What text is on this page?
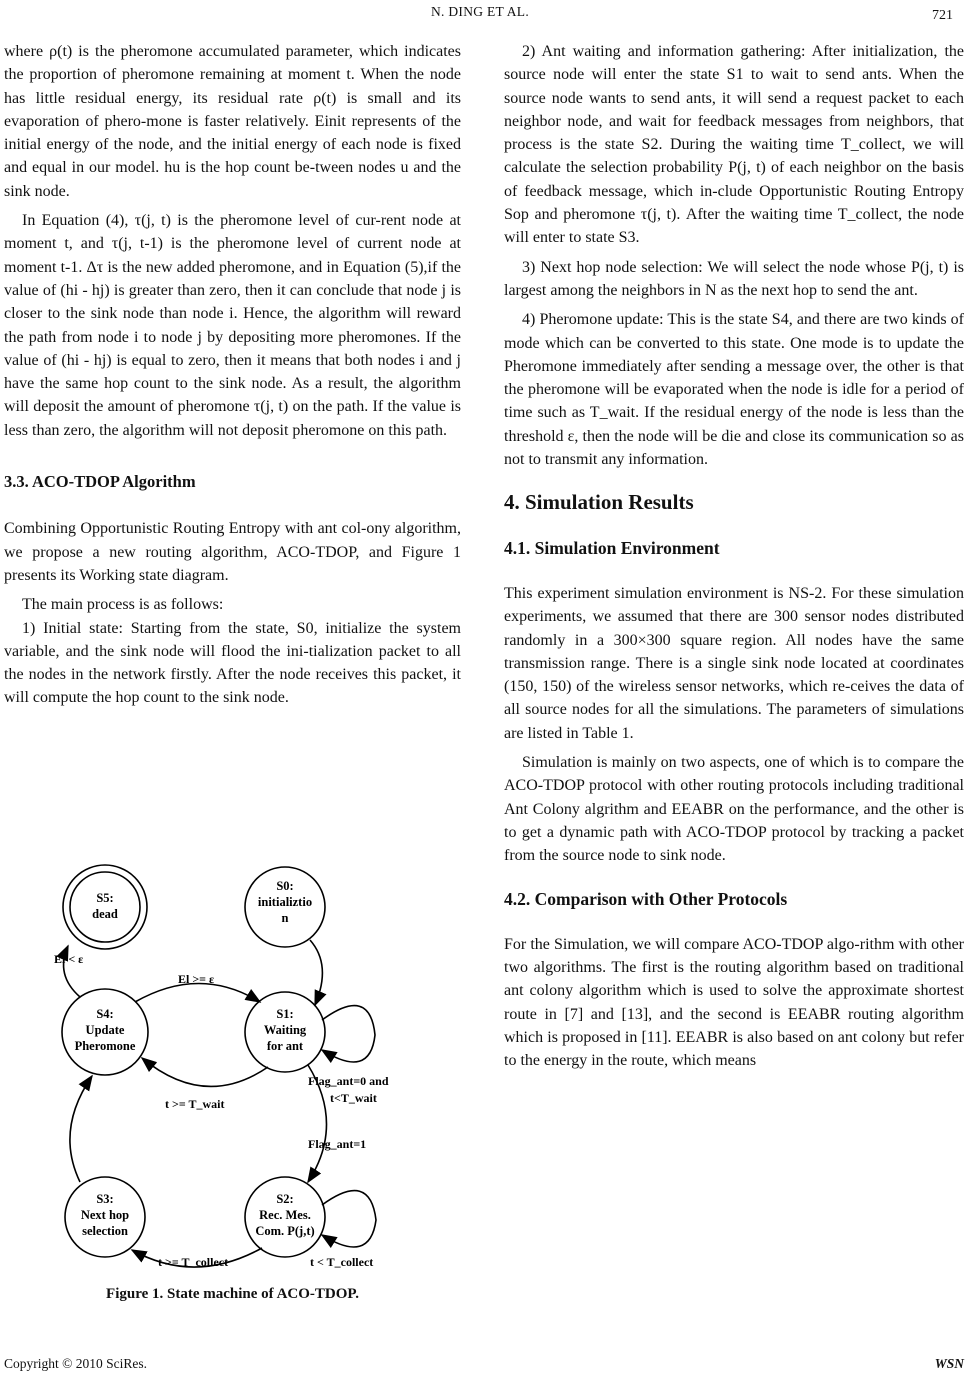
N. DING ET AL.	721

where ρ(t) is the pheromone accumulated parameter, which indicates the proportion of pheromone remaining at moment t. When the node has little residual energy, its residual rate ρ(t) is small and its evaporation of phero-mone is faster relatively. Einit represents of the initial energy of the node, and the initial energy of each node is fixed and equal in our model. hu is the hop count be-tween nodes u and the sink node.

In Equation (4), τ(j, t) is the pheromone level of cur-rent node at moment t, and τ(j, t-1) is the pheromone level of current node at moment t-1. Δτ is the new added pheromone, and in Equation (5),if the value of (hi - hj) is greater than zero, then it can conclude that node j is closer to the sink node than node i. Hence, the algorithm will reward the path from node i to node j by depositing more pheromones. If the value of (hi - hj) is equal to zero, then it means that both nodes i and j have the same hop count to the sink node. As a result, the algorithm will deposit the amount of pheromone τ(j, t) on the path. If the value is less than zero, the algorithm will not deposit pheromone on this path.

3.3. ACO-TDOP Algorithm

Combining Opportunistic Routing Entropy with ant col-ony algorithm, we propose a new routing algorithm, ACO-TDOP, and Figure 1 presents its Working state diagram.

The main process is as follows:

1) Initial state: Starting from the state, S0, initialize the system variable, and the sink node will flood the ini-tialization packet to all the nodes in the network firstly. After the node receives this packet, it will compute the hop count to the sink node.

S5:
dead
S0:
initializtio
n
S4:
Update
Pheromone
S1:
Waiting
for ant
S3:
Next hop
selection
S2:
Rec. Mes.
Com. P(j,t)
El < ε
El >= ε
Flag_ant=0 and
t<T_wait
t >= T_wait
Flag_ant=1
t >= T_collect	t < T_collect
Figure 1. State machine of ACO-TDOP.

2) Ant waiting and information gathering: After initialization, the source node will enter the state S1 to wait to send ants. When the source node wants to send ants, it will send a request packet to each neighbor node, and wait for feedback messages from neighbors, that process is the state S2. During the waiting time T_collect, we will calculate the selection probability P(j, t) of each neighbor on the basis of feedback message, which in-clude Opportunistic Routing Entropy Sop and pheromone τ(j, t). After the waiting time T_collect, the node will enter to state S3.

3) Next hop node selection: We will select the node whose P(j, t) is largest among the neighbors in N as the next hop to send the ant.

4) Pheromone update: This is the state S4, and there are two kinds of mode which can be converted to this state. One mode is to update the Pheromone immediately after sending a message over, the other is that the pheromone will be evaporated when the node is idle for a period of time such as T_wait. If the residual energy of the node is less than the threshold ε, then the node will be die and close its communication so as not to transmit any information.

4. Simulation Results
4.1. Simulation Environment

This experiment simulation environment is NS-2. For these simulation experiments, we assumed that there are 300 sensor nodes distributed randomly in a 300×300 square region. All nodes have the same transmission range. There is a single sink node located at coordinates (150, 150) of the wireless sensor networks, which re-ceives the data of all source nodes for all the simulations. The parameters of simulations are listed in Table 1.

Simulation is mainly on two aspects, one of which is to compare the ACO-TDOP protocol with other routing protocols including traditional Ant Colony algrithm and EEABR on the performance, and the other is to get a dynamic path with ACO-TDOP protocol by tracking a packet from the source node to sink node.

4.2. Comparison with Other Protocols

For the Simulation, we will compare ACO-TDOP algo-rithm with other two algorithms. The first is the routing algorithm based on traditional ant colony algorithm which is used to solve the approximate shortest route in [7] and [13], and the second is EEABR routing algorithm which is proposed in [11]. EEABR is also based on ant colony but refer to the energy in the route, which means

Copyright © 2010 SciRes.	WSN
